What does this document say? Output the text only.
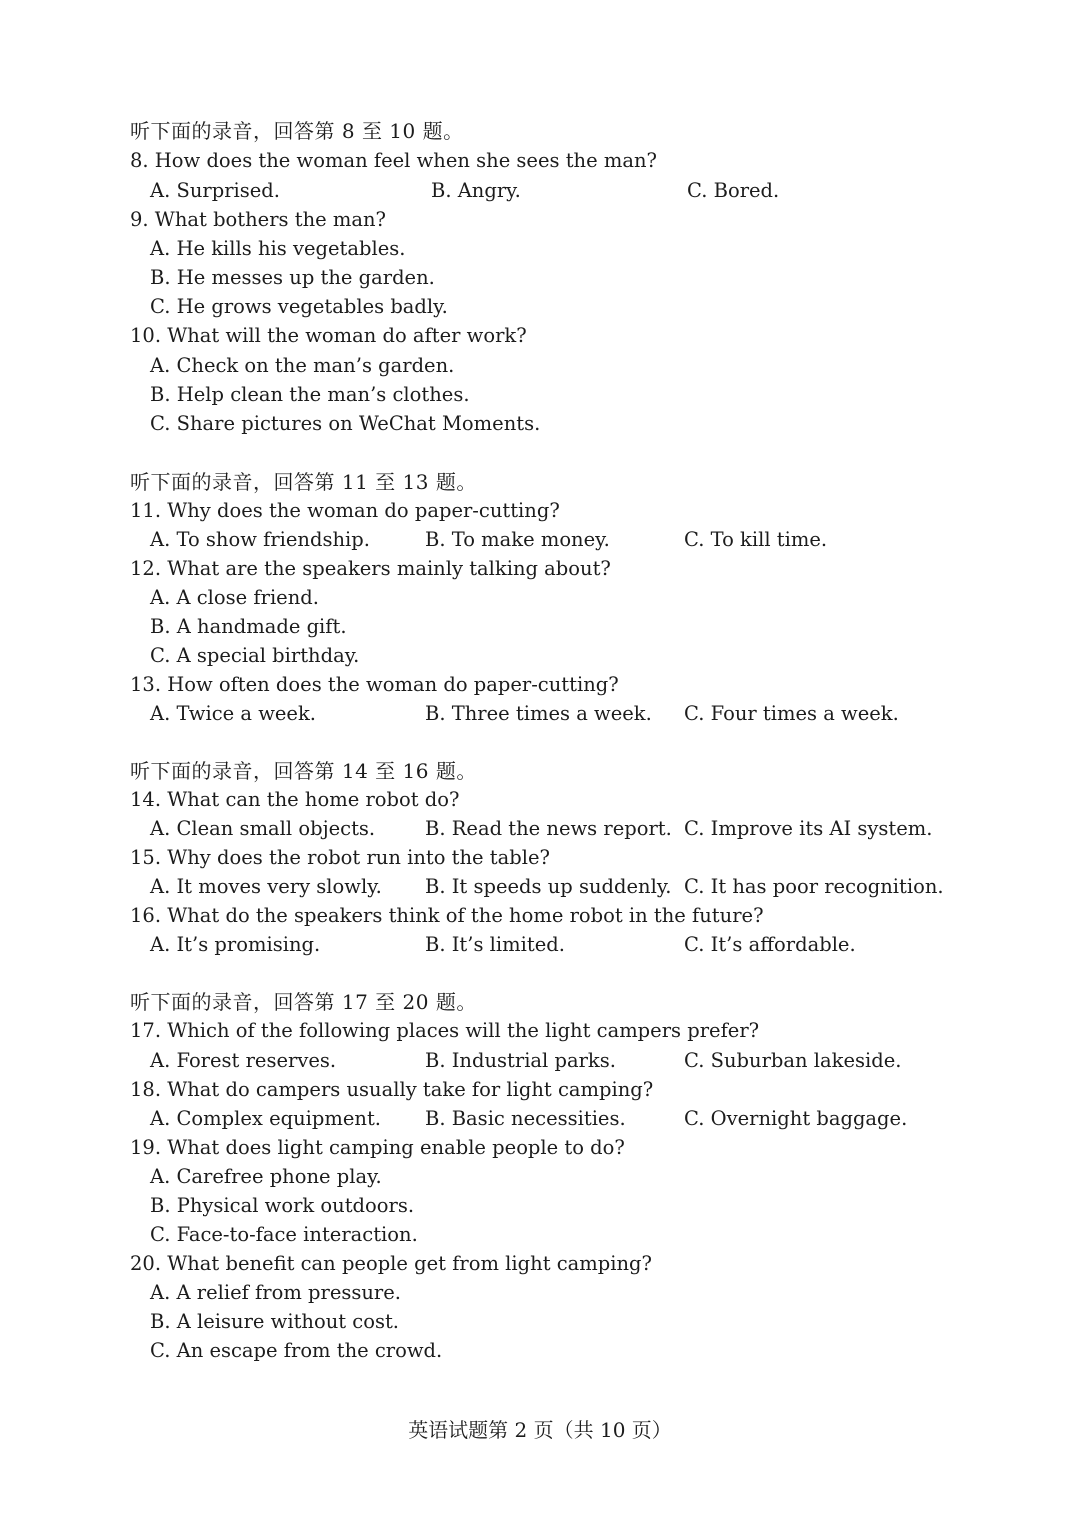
听下面的录音，回答第 8 至 10 题。
8. How does the woman feel when she sees the man?
A. Surprised.	B. Angry.	C. Bored.
9. What bothers the man?
A. He kills his vegetables.
B. He messes up the garden.
C. He grows vegetables badly.
10. What will the woman do after work?
A. Check on the man’s garden.
B. Help clean the man’s clothes.
C. Share pictures on WeChat Moments.
听下面的录音，回答第 11 至 13 题。
11. Why does the woman do paper-cutting?
A. To show friendship.	B. To make money.	C. To kill time.
12. What are the speakers mainly talking about?
A. A close friend.
B. A handmade gift.
C. A special birthday.
13. How often does the woman do paper-cutting?
A. Twice a week.	B. Three times a week. C. Four times a week.
听下面的录音，回答第 14 至 16 题。
14. What can the home robot do?
A. Clean small objects.	B. Read the news report. C. Improve its AI system.
15. Why does the robot run into the table?
A. It moves very slowly. B. It speeds up suddenly. C. It has poor recognition.
16. What do the speakers think of the home robot in the future?
A. It’s promising.	B. It’s limited.	C. It’s affordable.
听下面的录音，回答第 17 至 20 题。
17. Which of the following places will the light campers prefer?
A. Forest reserves.	B. Industrial parks.	C. Suburban lakeside.
18. What do campers usually take for light camping?
A. Complex equipment. B. Basic necessities.	C. Overnight baggage.
19. What does light camping enable people to do?
A. Carefree phone play.
B. Physical work outdoors.
C. Face-to-face interaction.
20. What benefit can people get from light camping?
A. A relief from pressure.
B. A leisure without cost.
C. An escape from the crowd.
英语试题第 2 页（共 10 页）
